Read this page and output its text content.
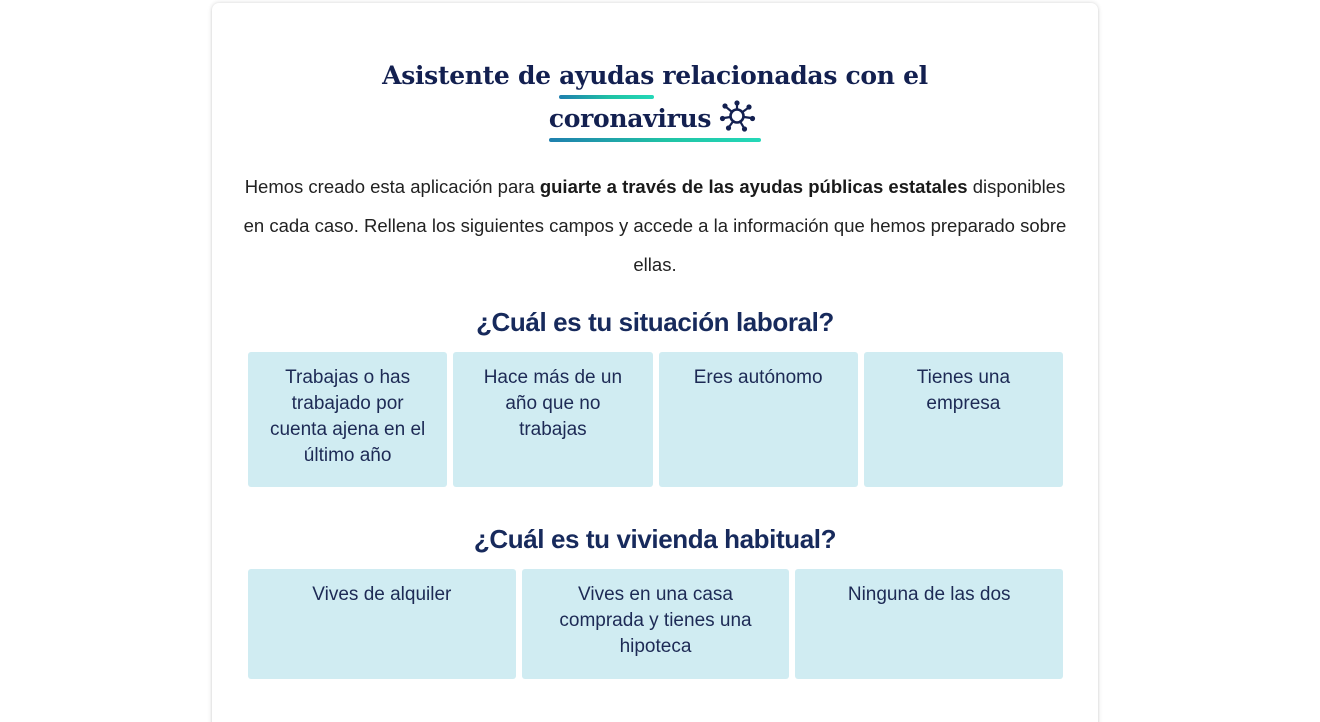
Asistente de ayudas relacionadas con el
coronavirus

Hemos creado esta aplicación para guiarte a través de las ayudas públicas estatales disponibles en cada caso. Rellena los siguientes campos y accede a la información que hemos preparado sobre ellas.

¿Cuál es tu situación laboral?
Trabajas o has trabajado por cuenta ajena en el último año
Hace más de un año que no trabajas
Eres autónomo	Tienes una empresa
¿Cuál es tu vivienda habitual?
Vives de alquiler	Vives en una casa comprada y tienes una hipoteca
Ninguna de las dos
